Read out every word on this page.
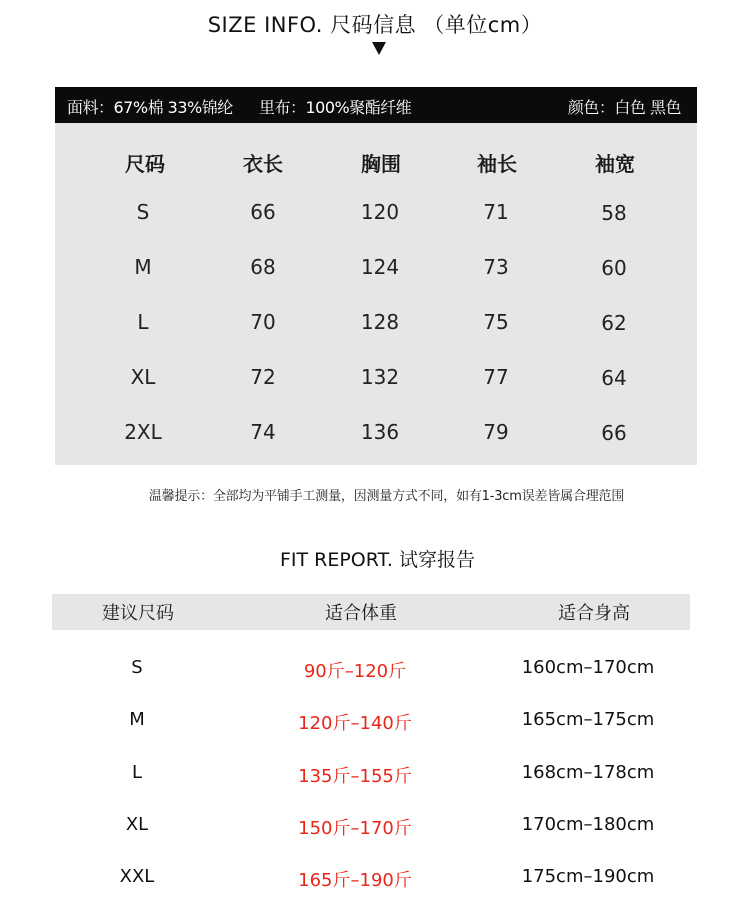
SIZE INFO. 尺码信息 （单位cm）
面料：67%棉 33%锦纶 里布：100%聚酯纤维	颜色：白色 黑色
尺码	衣长	胸围	袖长	袖宽
S	66	120	71	58
M	68	124	73	60
L	70	128	75	62
XL	72	132	77	64
2XL	74	136	79	66
温馨提示：全部均为平铺手工测量，因测量方式不同，如有1-3cm误差皆属合理范围
FIT REPORT. 试穿报告
建议尺码	适合体重	适合身高
S	90斤–120斤	160cm–170cm
M	120斤–140斤	165cm–175cm
L	135斤–155斤	168cm–178cm
XL	150斤–170斤	170cm–180cm
XXL	165斤–190斤	175cm–190cm
